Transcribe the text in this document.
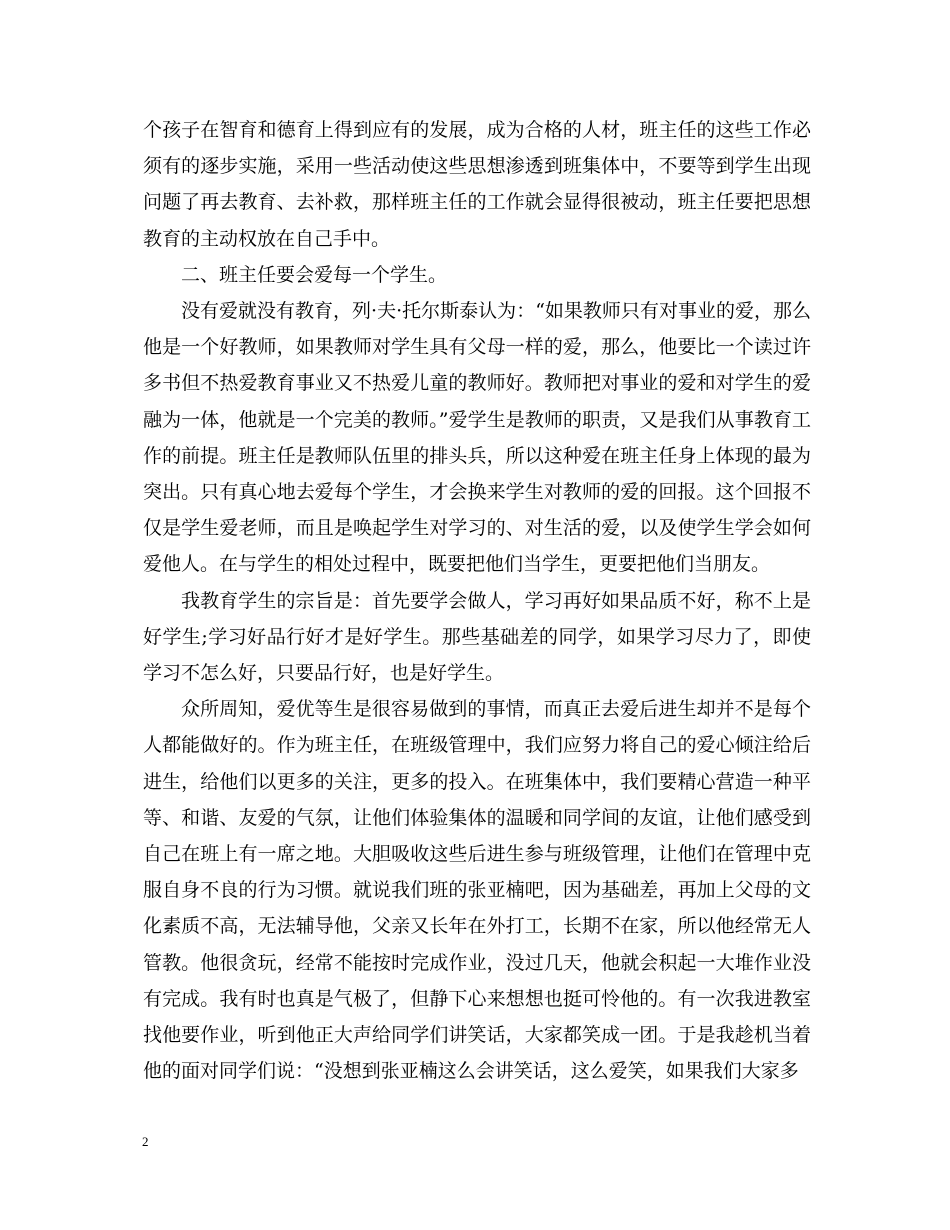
个孩子在智育和德育上得到应有的发展，成为合格的人材，班主任的这些工作必须有的逐步实施，采用一些活动使这些思想渗透到班集体中，不要等到学生出现问题了再去教育、去补救，那样班主任的工作就会显得很被动，班主任要把思想教育的主动权放在自己手中。

二、班主任要会爱每一个学生。

没有爱就没有教育，列·夫·托尔斯泰认为：“如果教师只有对事业的爱，那么他是一个好教师，如果教师对学生具有父母一样的爱，那么，他要比一个读过许多书但不热爱教育事业又不热爱儿童的教师好。教师把对事业的爱和对学生的爱融为一体，他就是一个完美的教师。”爱学生是教师的职责，又是我们从事教育工作的前提。班主任是教师队伍里的排头兵，所以这种爱在班主任身上体现的最为突出。只有真心地去爱每个学生，才会换来学生对教师的爱的回报。这个回报不仅是学生爱老师，而且是唤起学生对学习的、对生活的爱，以及使学生学会如何爱他人。在与学生的相处过程中，既要把他们当学生，更要把他们当朋友。

我教育学生的宗旨是：首先要学会做人，学习再好如果品质不好，称不上是好学生;学习好品行好才是好学生。那些基础差的同学，如果学习尽力了，即使学习不怎么好，只要品行好，也是好学生。

众所周知，爱优等生是很容易做到的事情，而真正去爱后进生却并不是每个人都能做好的。作为班主任，在班级管理中，我们应努力将自己的爱心倾注给后进生，给他们以更多的关注，更多的投入。在班集体中，我们要精心营造一种平等、和谐、友爱的气氛，让他们体验集体的温暖和同学间的友谊，让他们感受到自己在班上有一席之地。大胆吸收这些后进生参与班级管理，让他们在管理中克服自身不良的行为习惯。就说我们班的张亚楠吧，因为基础差，再加上父母的文化素质不高，无法辅导他，父亲又长年在外打工，长期不在家，所以他经常无人管教。他很贪玩，经常不能按时完成作业，没过几天，他就会积起一大堆作业没有完成。我有时也真是气极了，但静下心来想想也挺可怜他的。有一次我进教室找他要作业，听到他正大声给同学们讲笑话，大家都笑成一团。于是我趁机当着他的面对同学们说：“没想到张亚楠这么会讲笑话，这么爱笑，如果我们大家多

2
